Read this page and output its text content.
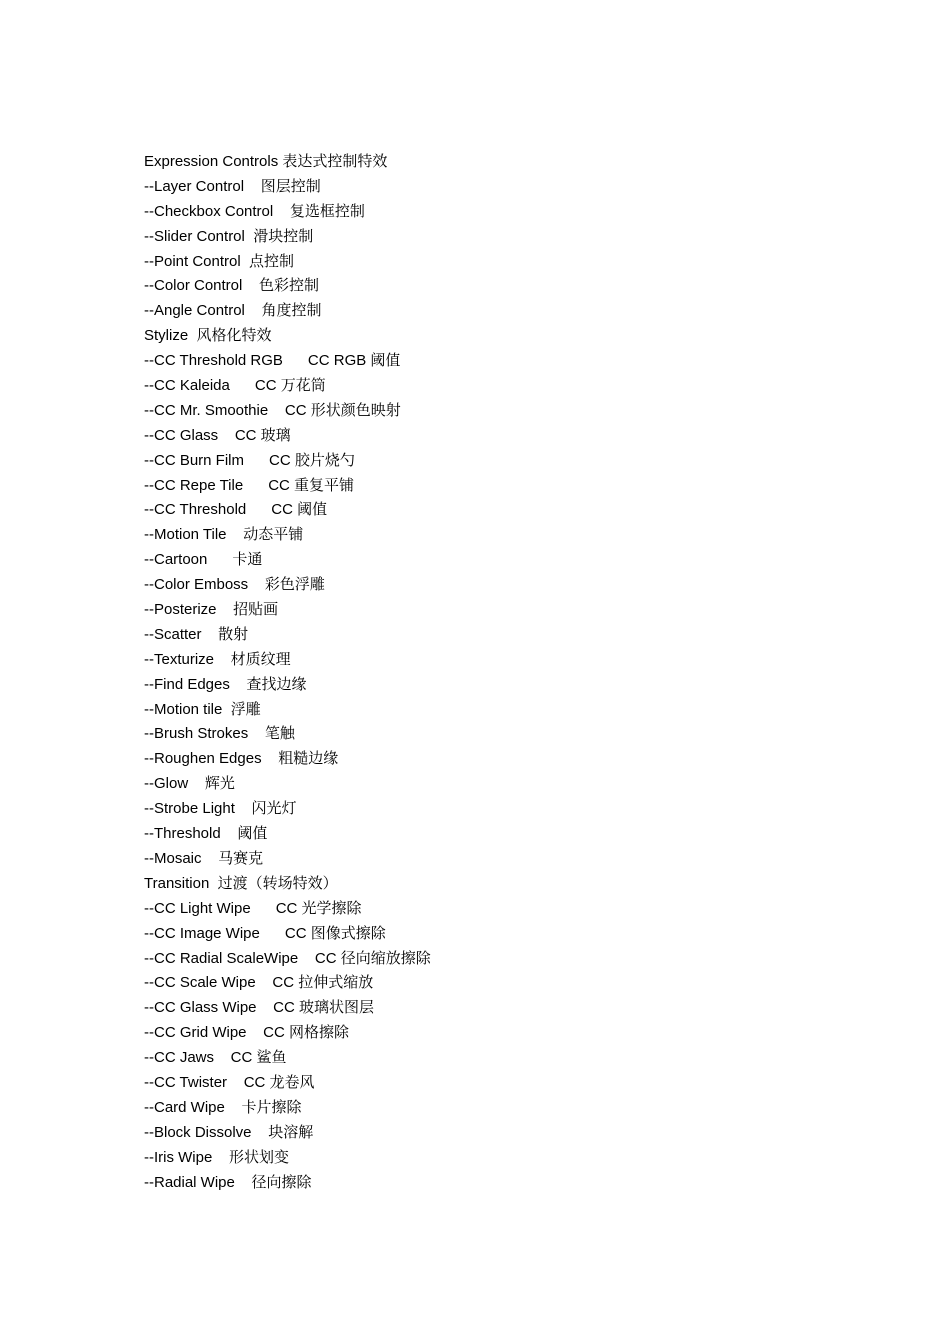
Expression Controls 表达式控制特效
--Layer Control    图层控制
--Checkbox Control    复选框控制
--Slider Control  滑块控制
--Point Control  点控制
--Color Control    色彩控制
--Angle Control    角度控制
Stylize  风格化特效
--CC Threshold RGB      CC RGB 阈值
--CC Kaleida      CC 万花筒
--CC Mr. Smoothie    CC 形状颜色映射
--CC Glass    CC 玻璃
--CC Burn Film      CC 胶片烧勺
--CC Repe Tile      CC 重复平铺
--CC Threshold      CC 阈值
--Motion Tile    动态平铺
--Cartoon      卡通
--Color Emboss    彩色浮雕
--Posterize    招贴画
--Scatter    散射
--Texturize    材质纹理
--Find Edges    查找边缘
--Motion tile  浮雕
--Brush Strokes    笔触
--Roughen Edges    粗糙边缘
--Glow    辉光
--Strobe Light    闪光灯
--Threshold    阈值
--Mosaic    马赛克
Transition  过渡（转场特效）
--CC Light Wipe      CC 光学擦除
--CC Image Wipe      CC 图像式擦除
--CC Radial ScaleWipe    CC 径向缩放擦除
--CC Scale Wipe    CC 拉伸式缩放
--CC Glass Wipe    CC 玻璃状图层
--CC Grid Wipe    CC 网格擦除
--CC Jaws    CC 鲨鱼
--CC Twister    CC 龙卷风
--Card Wipe    卡片擦除
--Block Dissolve    块溶解
--Iris Wipe    形状划变
--Radial Wipe    径向擦除
